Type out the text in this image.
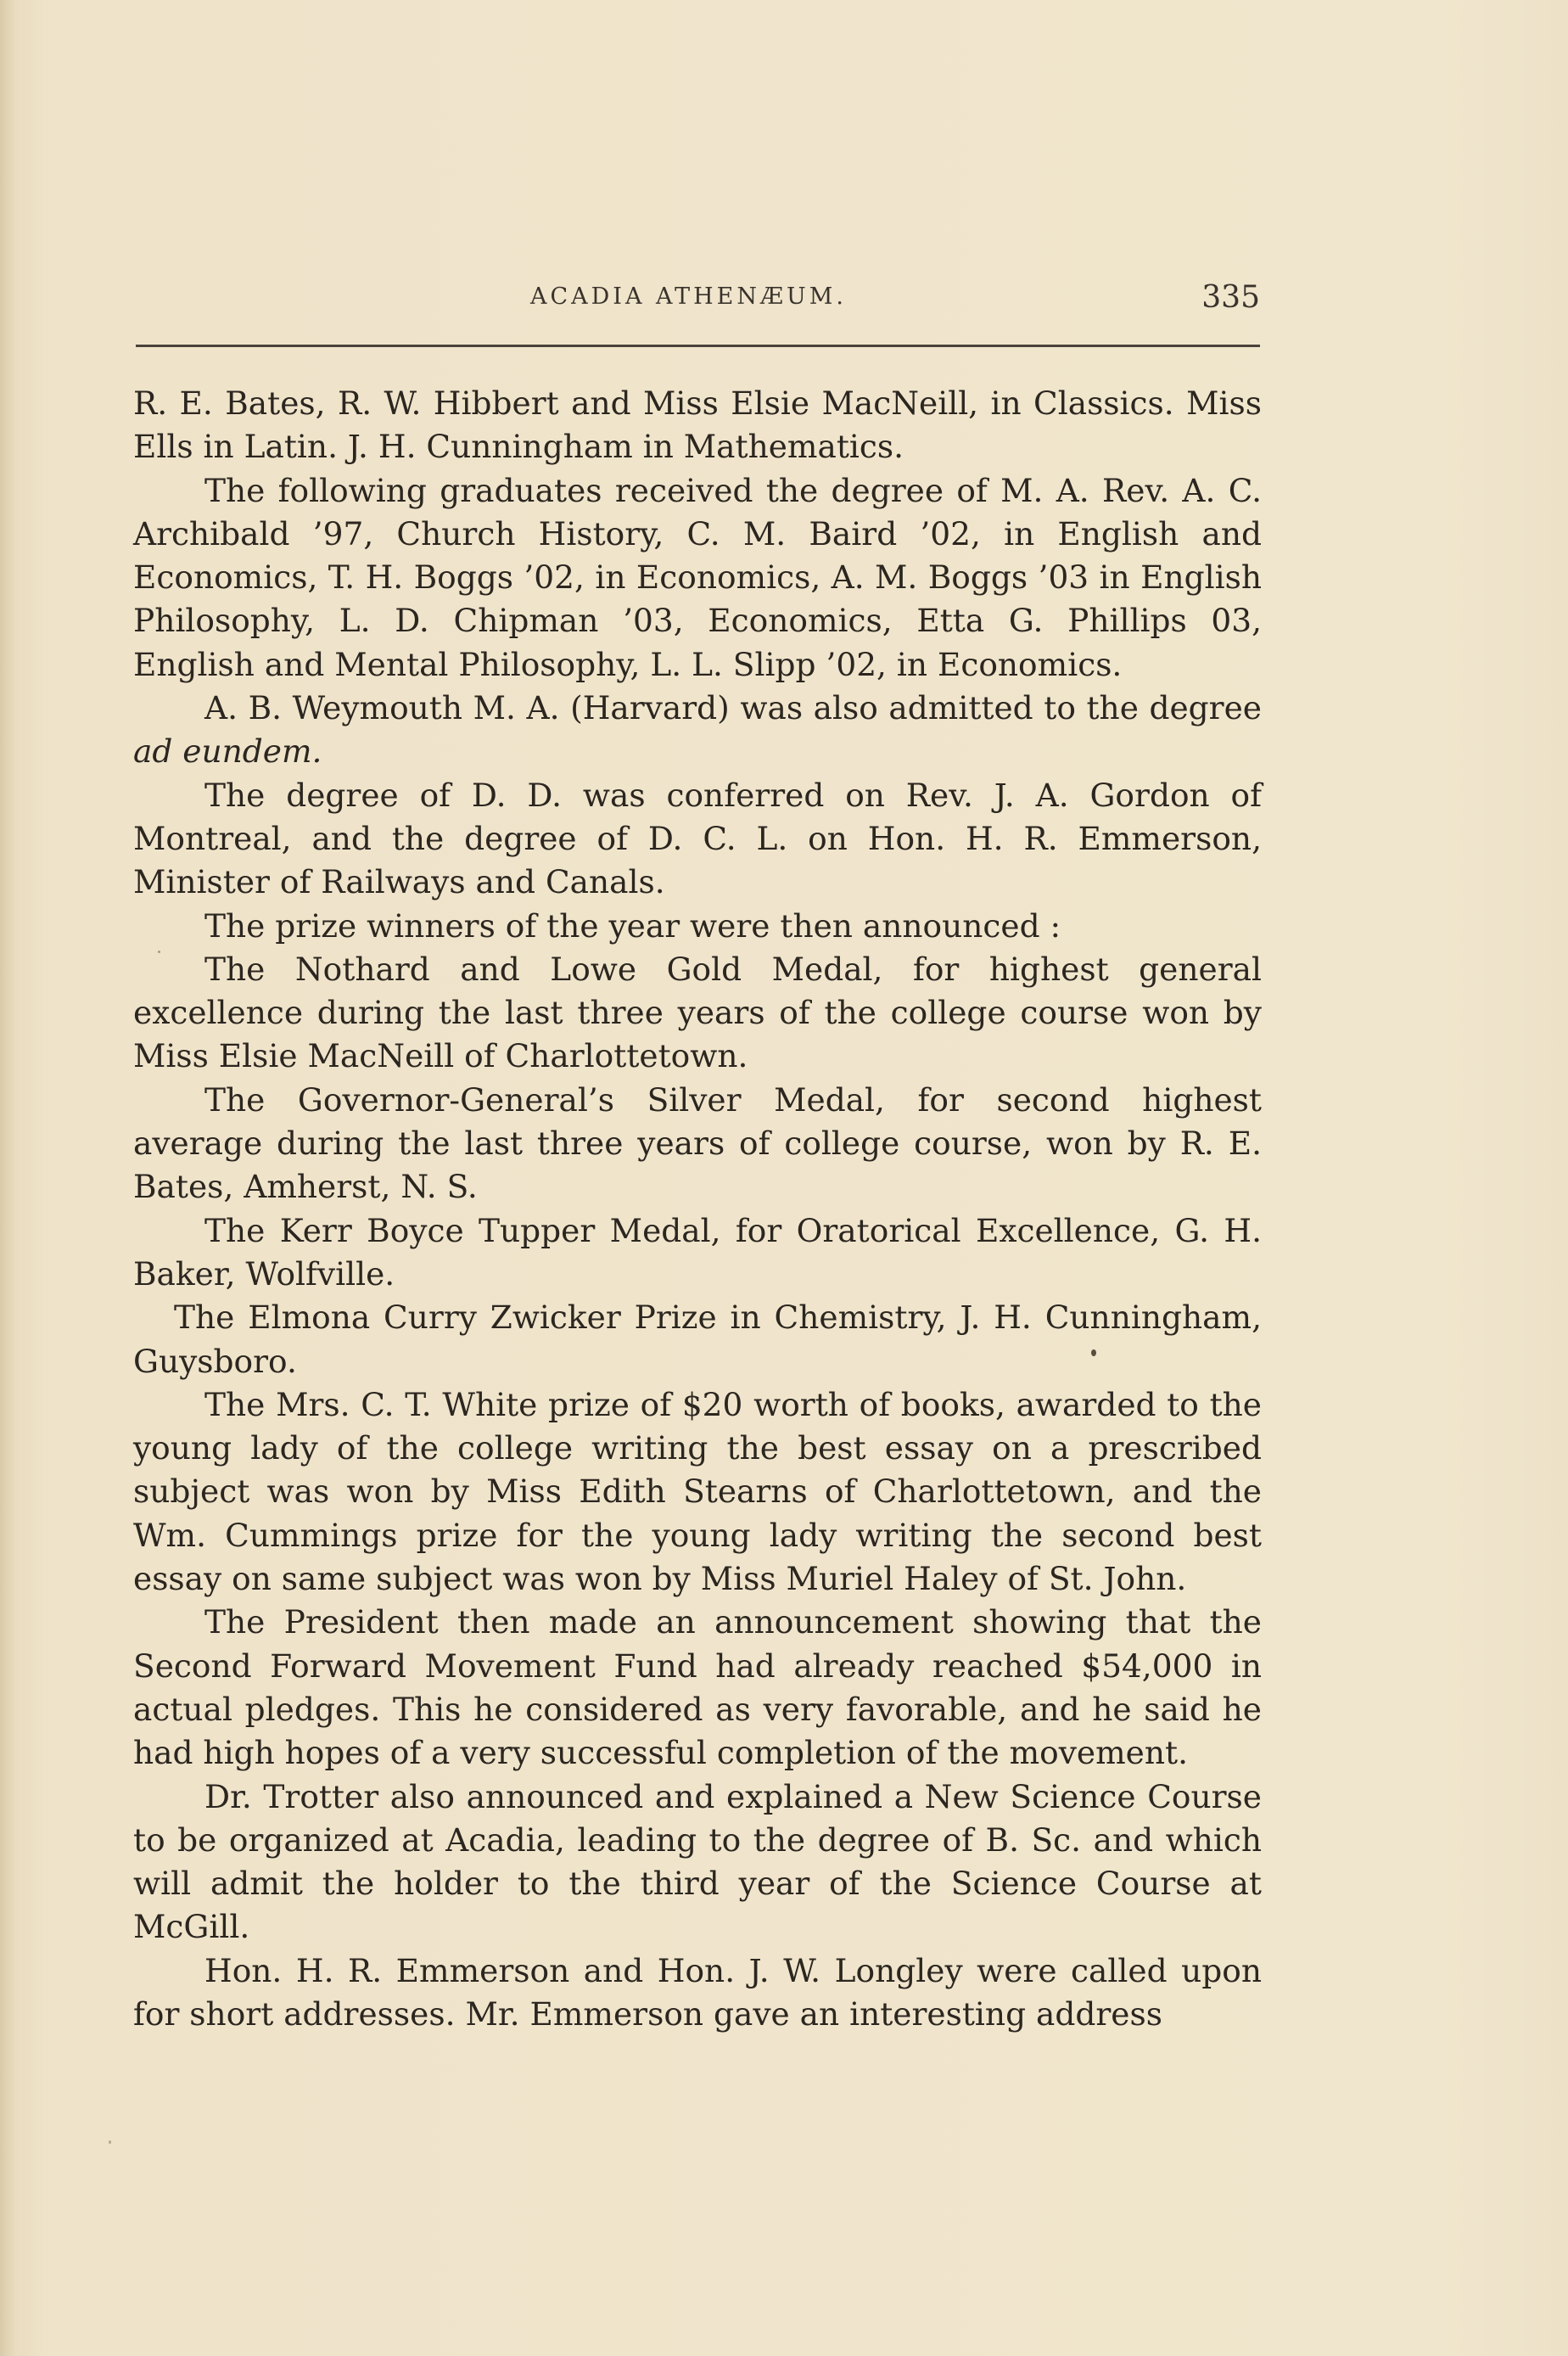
ACADIA ATHENÆUM.	335

R. E. Bates, R. W. Hibbert and Miss Elsie MacNeill, in Classics. Miss Ells in Latin. J. H. Cunningham in Mathematics.

The following graduates received the degree of M. A. Rev. A. C. Archibald ’97, Church History, C. M. Baird ’02, in English and Economics, T. H. Boggs ’02, in Economics, A. M. Boggs ’03 in English Philosophy, L. D. Chipman ’03, Economics, Etta G. Phillips 03, English and Mental Philosophy, L. L. Slipp ’02, in Economics.

A. B. Weymouth M. A. (Harvard) was also admitted to the degree ad eundem.

The degree of D. D. was conferred on Rev. J. A. Gordon of Montreal, and the degree of D. C. L. on Hon. H. R. Emmerson, Minister of Railways and Canals.

The prize winners of the year were then announced :

The Nothard and Lowe Gold Medal, for highest general excellence during the last three years of the college course won by Miss Elsie MacNeill of Charlottetown.

The Governor-General’s Silver Medal, for second highest average during the last three years of college course, won by R. E. Bates, Amherst, N. S.

The Kerr Boyce Tupper Medal, for Oratorical Excellence, G. H. Baker, Wolfville.

The Elmona Curry Zwicker Prize in Chemistry, J. H. Cunningham, Guysboro.

The Mrs. C. T. White prize of $20 worth of books, awarded to the young lady of the college writing the best essay on a prescribed subject was won by Miss Edith Stearns of Charlottetown, and the Wm. Cummings prize for the young lady writing the second best essay on same subject was won by Miss Muriel Haley of St. John.

The President then made an announcement showing that the Second Forward Movement Fund had already reached $54,000 in actual pledges. This he considered as very favorable, and he said he had high hopes of a very successful completion of the movement.

Dr. Trotter also announced and explained a New Science Course to be organized at Acadia, leading to the degree of B. Sc. and which will admit the holder to the third year of the Science Course at McGill.

Hon. H. R. Emmerson and Hon. J. W. Longley were called upon for short addresses. Mr. Emmerson gave an interesting address
